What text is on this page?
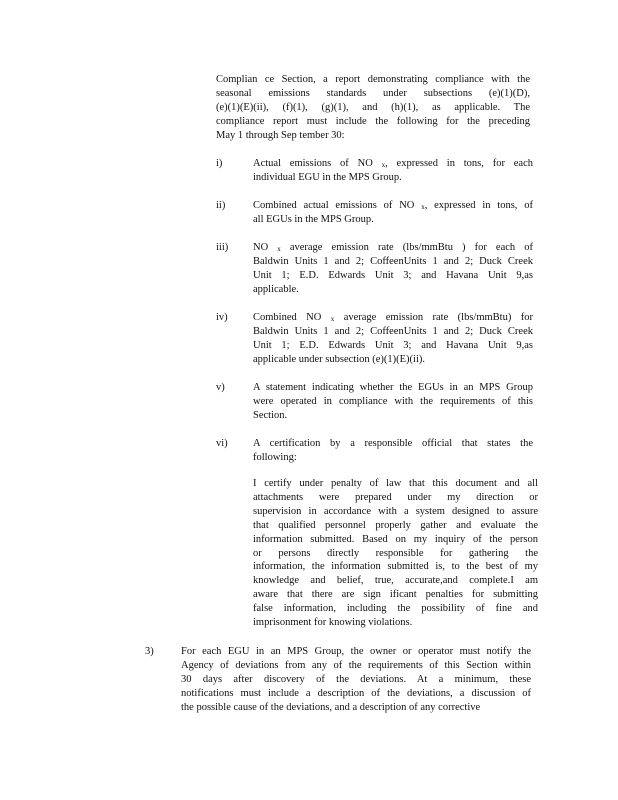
Complian ce Section, a report demonstrating compliance with the
seasonal emissions standards under subsections (e)(1)(D),
(e)(1)(E)(ii), (f)(1), (g)(1), and (h)(1), as applicable. The
compliance report must include the following for the preceding
May 1 through Sep tember 30:
i)	Actual emissions of NO $_x$, expressed in tons, for each
individual EGU in the MPS Group.
ii)	Combined actual emissions of NO $_x$, expressed in tons, of
all EGUs in the MPS Group.
iii) NO $_x$ average emission rate (lbs/mmBtu ) for each of
Baldwin Units 1 and 2; CoffeenUnits 1 and 2; Duck Creek
Unit 1; E.D. Edwards Unit 3; and Havana Unit 9,as
applicable.
iv) Combined NO $_x$ average emission rate (lbs/mmBtu) for
Baldwin Units 1 and 2; CoffeenUnits 1 and 2; Duck Creek
Unit 1; E.D. Edwards Unit 3; and Havana Unit 9,as
applicable under subsection (e)(1)(E)(ii).
v)	A statement indicating whether the EGUs in an MPS Group
were operated in compliance with the requirements of this
Section.
vi) A certification by a responsible official that states the
following:
I certify under penalty of law that this document and all
attachments were prepared under my direction or
supervision in accordance with a system designed to assure
that qualified personnel properly gather and evaluate the
information submitted. Based on my inquiry of the person
or persons directly responsible for gathering the
information, the information submitted is, to the best of my
knowledge and belief, true, accurate,and complete.I am
aware that there are sign ificant penalties for submitting
false information, including the possibility of fine and
imprisonment for knowing violations.
3)	For each EGU in an MPS Group, the owner or operator must notify the
Agency of deviations from any of the requirements of this Section within
30 days after discovery of the deviations. At a minimum, these
notifications must include a description of the deviations, a discussion of
the possible cause of the deviations, and a description of any corrective
